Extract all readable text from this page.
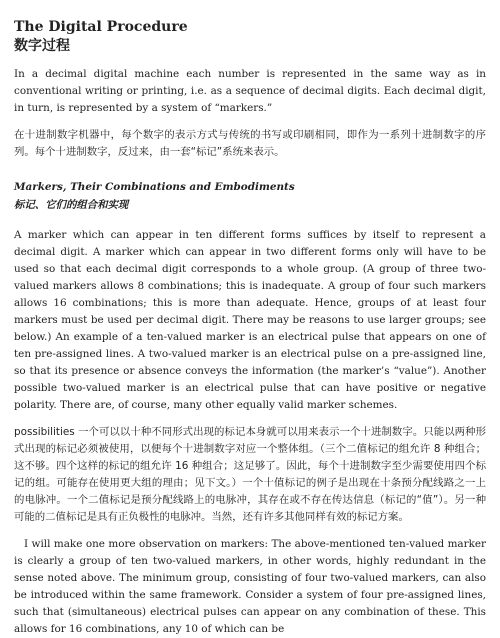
The Digital Procedure
数字过程

In a decimal digital machine each number is represented in the same way as in conventional writing or printing, i.e. as a sequence of decimal digits. Each decimal digit, in turn, is represented by a system of “markers.”

在十进制数字机器中，每个数字的表示方式与传统的书写或印刷相同，即作为一系列十进制数字的序列。每个十进制数字，反过来，由一套“标记”系统来表示。

Markers, Their Combinations and Embodiments
标记、它们的组合和实现

A marker which can appear in ten different forms suffices by itself to represent a decimal digit. A marker which can appear in two different forms only will have to be used so that each decimal digit corresponds to a whole group. (A group of three two-valued markers allows 8 combinations; this is inadequate. A group of four such markers allows 16 combinations; this is more than adequate. Hence, groups of at least four markers must be used per decimal digit. There may be reasons to use larger groups; see below.) An example of a ten-valued marker is an electrical pulse that appears on one of ten pre-assigned lines. A two-valued marker is an electrical pulse on a pre-assigned line, so that its presence or absence conveys the information (the marker’s “value”). Another possible two-valued marker is an electrical pulse that can have positive or negative polarity. There are, of course, many other equally valid marker schemes.

possibilities 一个可以以十种不同形式出现的标记本身就可以用来表示一个十进制数字。只能以两种形式出现的标记必须被使用，以便每个十进制数字对应一个整体组。（三个二值标记的组允许 8 种组合；这不够。四个这样的标记的组允许 16 种组合；这足够了。因此，每个十进制数字至少需要使用四个标记的组。可能存在使用更大组的理由；见下文。）一个十值标记的例子是出现在十条预分配线路之一上的电脉冲。一个二值标记是预分配线路上的电脉冲，其存在或不存在传达信息（标记的“值”）。另一种可能的二值标记是具有正负极性的电脉冲。当然，还有许多其他同样有效的标记方案。

I will make one more observation on markers: The above-mentioned ten-valued marker is clearly a group of ten two-valued markers, in other words, highly redundant in the sense noted above. The minimum group, consisting of four two-valued markers, can also be introduced within the same framework. Consider a system of four pre-assigned lines, such that (simultaneous) electrical pulses can appear on any combination of these. This allows for 16 combinations, any 10 of which can be
